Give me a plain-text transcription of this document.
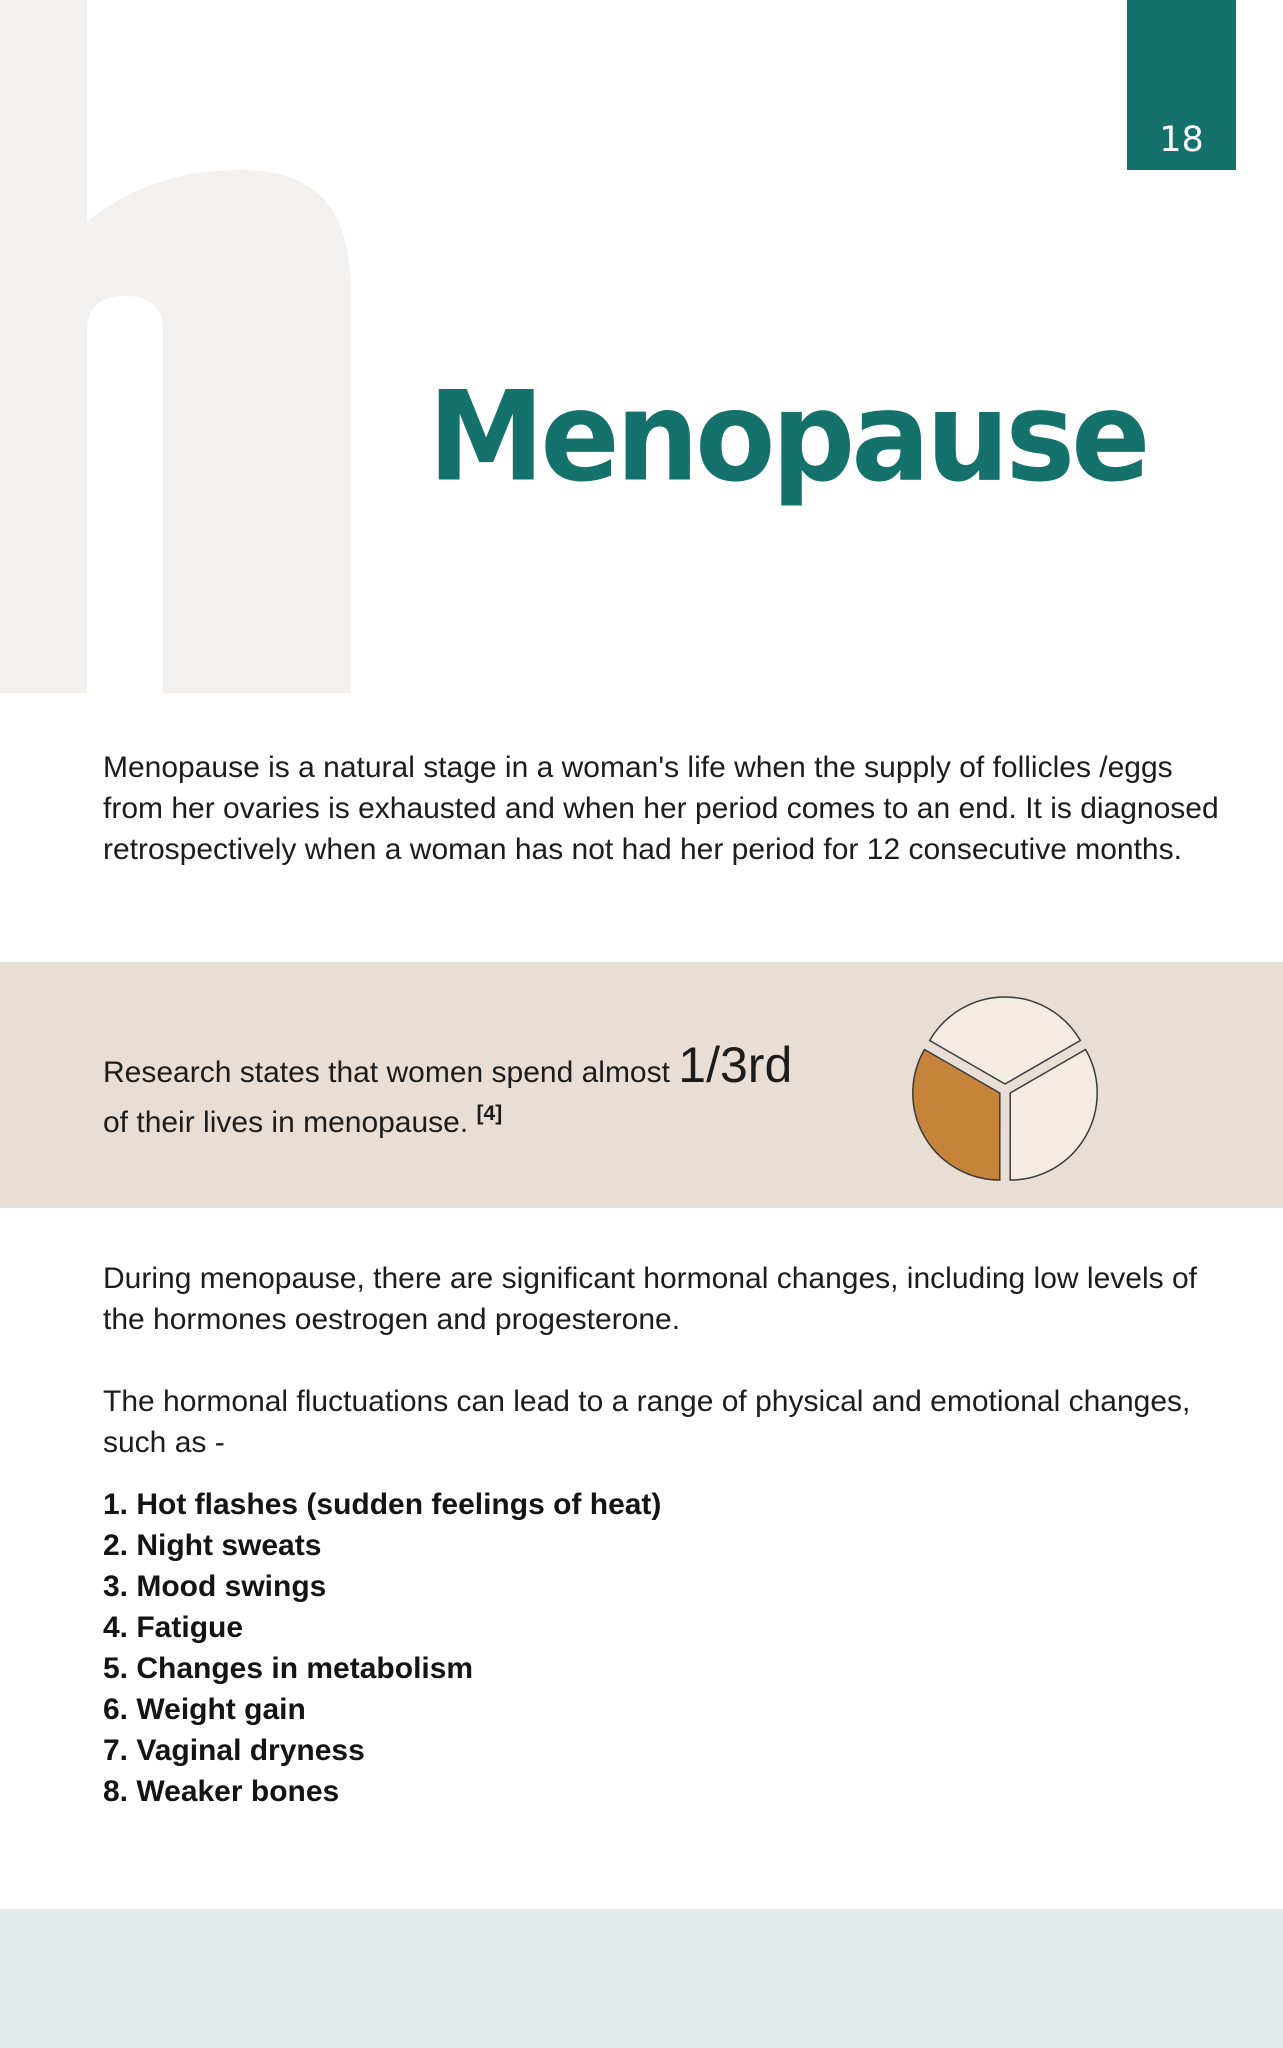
18
Menopause

Menopause is a natural stage in a woman's life when the supply of follicles /eggs from her ovaries is exhausted and when her period comes to an end. It is diagnosed retrospectively when a woman has not had her period for 12 consecutive months.

Research states that women spend almost 1/3rd
of their lives in menopause. [4]

During menopause, there are significant hormonal changes, including low levels of the hormones oestrogen and progesterone.

The hormonal fluctuations can lead to a range of physical and emotional changes, such as -

1. Hot flashes (sudden feelings of heat)
2. Night sweats
3. Mood swings
4. Fatigue
5. Changes in metabolism
6. Weight gain
7. Vaginal dryness
8. Weaker bones
